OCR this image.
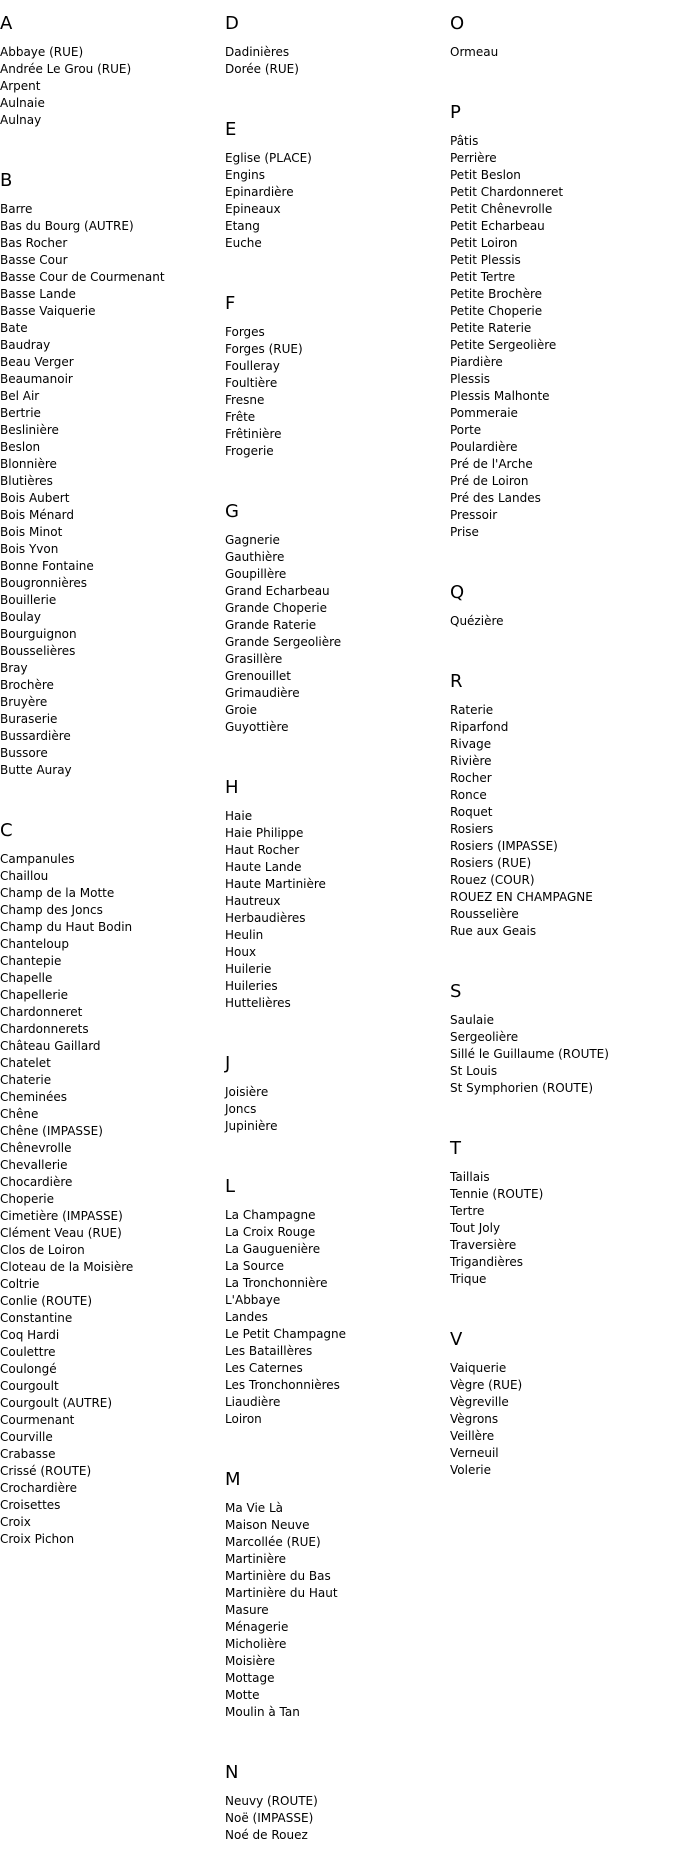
A
Abbaye (RUE)
Andrée Le Grou (RUE)
Arpent
Aulnaie
Aulnay
B
Barre
Bas du Bourg (AUTRE)
Bas Rocher
Basse Cour
Basse Cour de Courmenant
Basse Lande
Basse Vaiquerie
Bate
Baudray
Beau Verger
Beaumanoir
Bel Air
Bertrie
Beslinière
Beslon
Blonnière
Blutières
Bois Aubert
Bois Ménard
Bois Minot
Bois Yvon
Bonne Fontaine
Bougronnières
Bouillerie
Boulay
Bourguignon
Bousselières
Bray
Brochère
Bruyère
Buraserie
Bussardière
Bussore
Butte Auray
C
Campanules
Chaillou
Champ de la Motte
Champ des Joncs
Champ du Haut Bodin
Chanteloup
Chantepie
Chapelle
Chapellerie
Chardonneret
Chardonnerets
Château Gaillard
Chatelet
Chaterie
Cheminées
Chêne
Chêne (IMPASSE)
Chênevrolle
Chevallerie
Chocardière
Choperie
Cimetière (IMPASSE)
Clément Veau (RUE)
Clos de Loiron
Cloteau de la Moisière
Coltrie
Conlie (ROUTE)
Constantine
Coq Hardi
Coulettre
Coulongé
Courgoult
Courgoult (AUTRE)
Courmenant
Courville
Crabasse
Crissé (ROUTE)
Crochardière
Croisettes
Croix
Croix Pichon
D
Dadinières
Dorée (RUE)
E
Eglise (PLACE)
Engins
Epinardière
Epineaux
Etang
Euche
F
Forges
Forges (RUE)
Foulleray
Foultière
Fresne
Frête
Frêtinière
Frogerie
G
Gagnerie
Gauthière
Goupillère
Grand Echarbeau
Grande Choperie
Grande Raterie
Grande Sergeolière
Grasillère
Grenouillet
Grimaudière
Groie
Guyottière
H
Haie
Haie Philippe
Haut Rocher
Haute Lande
Haute Martinière
Hautreux
Herbaudières
Heulin
Houx
Huilerie
Huileries
Huttelières
J
Joisière
Joncs
Jupinière
L
La Champagne
La Croix Rouge
La Gauguenière
La Source
La Tronchonnière
L'Abbaye
Landes
Le Petit Champagne
Les Bataillères
Les Caternes
Les Tronchonnières
Liaudière
Loiron
M
Ma Vie Là
Maison Neuve
Marcollée (RUE)
Martinière
Martinière du Bas
Martinière du Haut
Masure
Ménagerie
Micholière
Moisière
Mottage
Motte
Moulin à Tan
N
Neuvy (ROUTE)
Noë (IMPASSE)
Noé de Rouez
O
Ormeau
P
Pâtis
Perrière
Petit Beslon
Petit Chardonneret
Petit Chênevrolle
Petit Echarbeau
Petit Loiron
Petit Plessis
Petit Tertre
Petite Brochère
Petite Choperie
Petite Raterie
Petite Sergeolière
Piardière
Plessis
Plessis Malhonte
Pommeraie
Porte
Poulardière
Pré de l'Arche
Pré de Loiron
Pré des Landes
Pressoir
Prise
Q
Quézière
R
Raterie
Riparfond
Rivage
Rivière
Rocher
Ronce
Roquet
Rosiers
Rosiers (IMPASSE)
Rosiers (RUE)
Rouez (COUR)
ROUEZ EN CHAMPAGNE
Rousselière
Rue aux Geais
S
Saulaie
Sergeolière
Sillé le Guillaume (ROUTE)
St Louis
St Symphorien (ROUTE)
T
Taillais
Tennie (ROUTE)
Tertre
Tout Joly
Traversière
Trigandières
Trique
V
Vaiquerie
Vègre (RUE)
Vègreville
Vègrons
Veillère
Verneuil
Volerie
